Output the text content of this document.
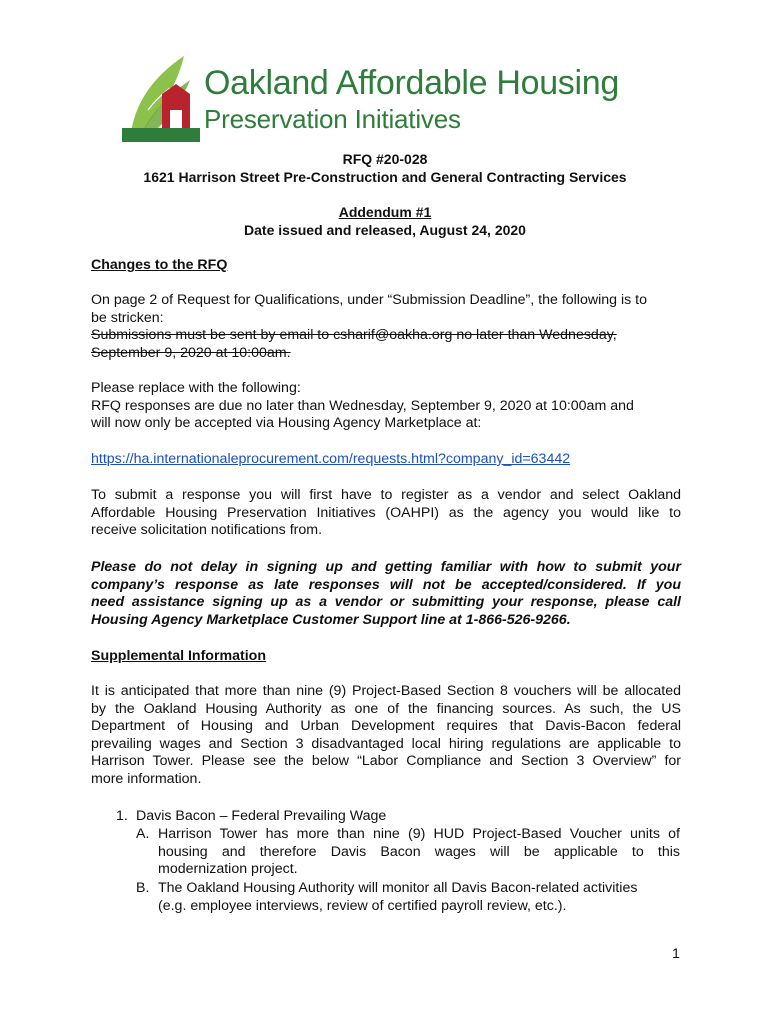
Oakland Affordable Housing
Preservation Initiatives
RFQ #20-028
1621 Harrison Street Pre-Construction and General Contracting Services
Addendum #1
Date issued and released, August 24, 2020
Changes to the RFQ
On page 2 of Request for Qualifications, under “Submission Deadline”, the following is to
be stricken:
Submissions must be sent by email to csharif@oakha.org no later than Wednesday,
September 9, 2020 at 10:00am.
Please replace with the following:
RFQ responses are due no later than Wednesday, September 9, 2020 at 10:00am and
will now only be accepted via Housing Agency Marketplace at:
https://ha.internationaleprocurement.com/requests.html?company_id=63442
To submit a response you will first have to register as a vendor and select Oakland
Affordable Housing Preservation Initiatives (OAHPI) as the agency you would like to
receive solicitation notifications from.
Please do not delay in signing up and getting familiar with how to submit your
company’s response as late responses will not be accepted/considered. If you
need assistance signing up as a vendor or submitting your response, please call
Housing Agency Marketplace Customer Support line at 1-866-526-9266.
Supplemental Information
It is anticipated that more than nine (9) Project-Based Section 8 vouchers will be allocated
by the Oakland Housing Authority as one of the financing sources. As such, the US
Department of Housing and Urban Development requires that Davis-Bacon federal
prevailing wages and Section 3 disadvantaged local hiring regulations are applicable to
Harrison Tower. Please see the below “Labor Compliance and Section 3 Overview” for
more information.
1. Davis Bacon – Federal Prevailing Wage
A. Harrison Tower has more than nine (9) HUD Project-Based Voucher units of
housing and therefore Davis Bacon wages will be applicable to this
modernization project.
B. The Oakland Housing Authority will monitor all Davis Bacon-related activities
(e.g. employee interviews, review of certified payroll review, etc.).
1
